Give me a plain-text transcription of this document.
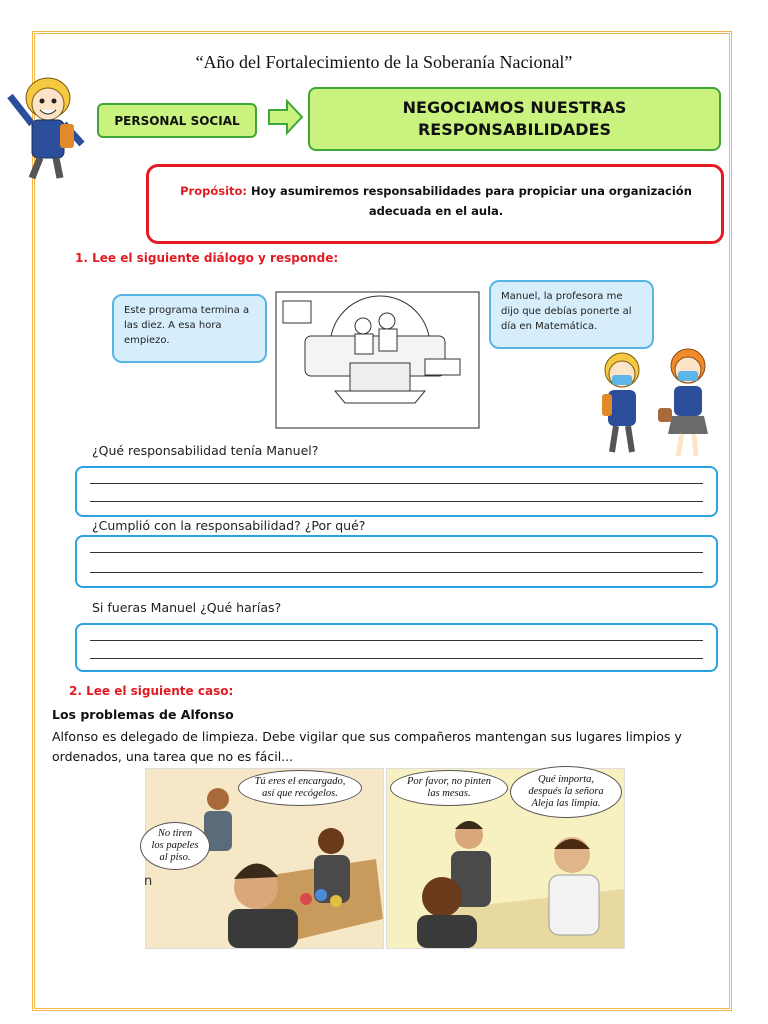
“Año del Fortalecimiento de la Soberanía Nacional”
PERSONAL SOCIAL
NEGOCIAMOS NUESTRAS
RESPONSABILIDADES
Propósito: Hoy asumiremos responsabilidades para propiciar una organización adecuada en el aula.
1. Lee el siguiente diálogo y responde:
Este programa termina a las diez. A esa hora empiezo.
Manuel, la profesora me dijo que debías ponerte al día en Matemática.
¿Qué responsabilidad tenía Manuel?
¿Cumplió con la responsabilidad? ¿Por qué?
Si fueras Manuel ¿Qué harías?
2. Lee el siguiente caso:
Los problemas de Alfonso
Alfonso es delegado de limpieza. Debe vigilar que sus compañeros mantengan sus lugares limpios y ordenados, una tarea que no es fácil...
Tú eres el encargado,
así que recógelos.
No tiren
los papeles
al piso.
n
Por favor, no pinten
las mesas.
Qué importa,
después la señora
Aleja las limpia.
